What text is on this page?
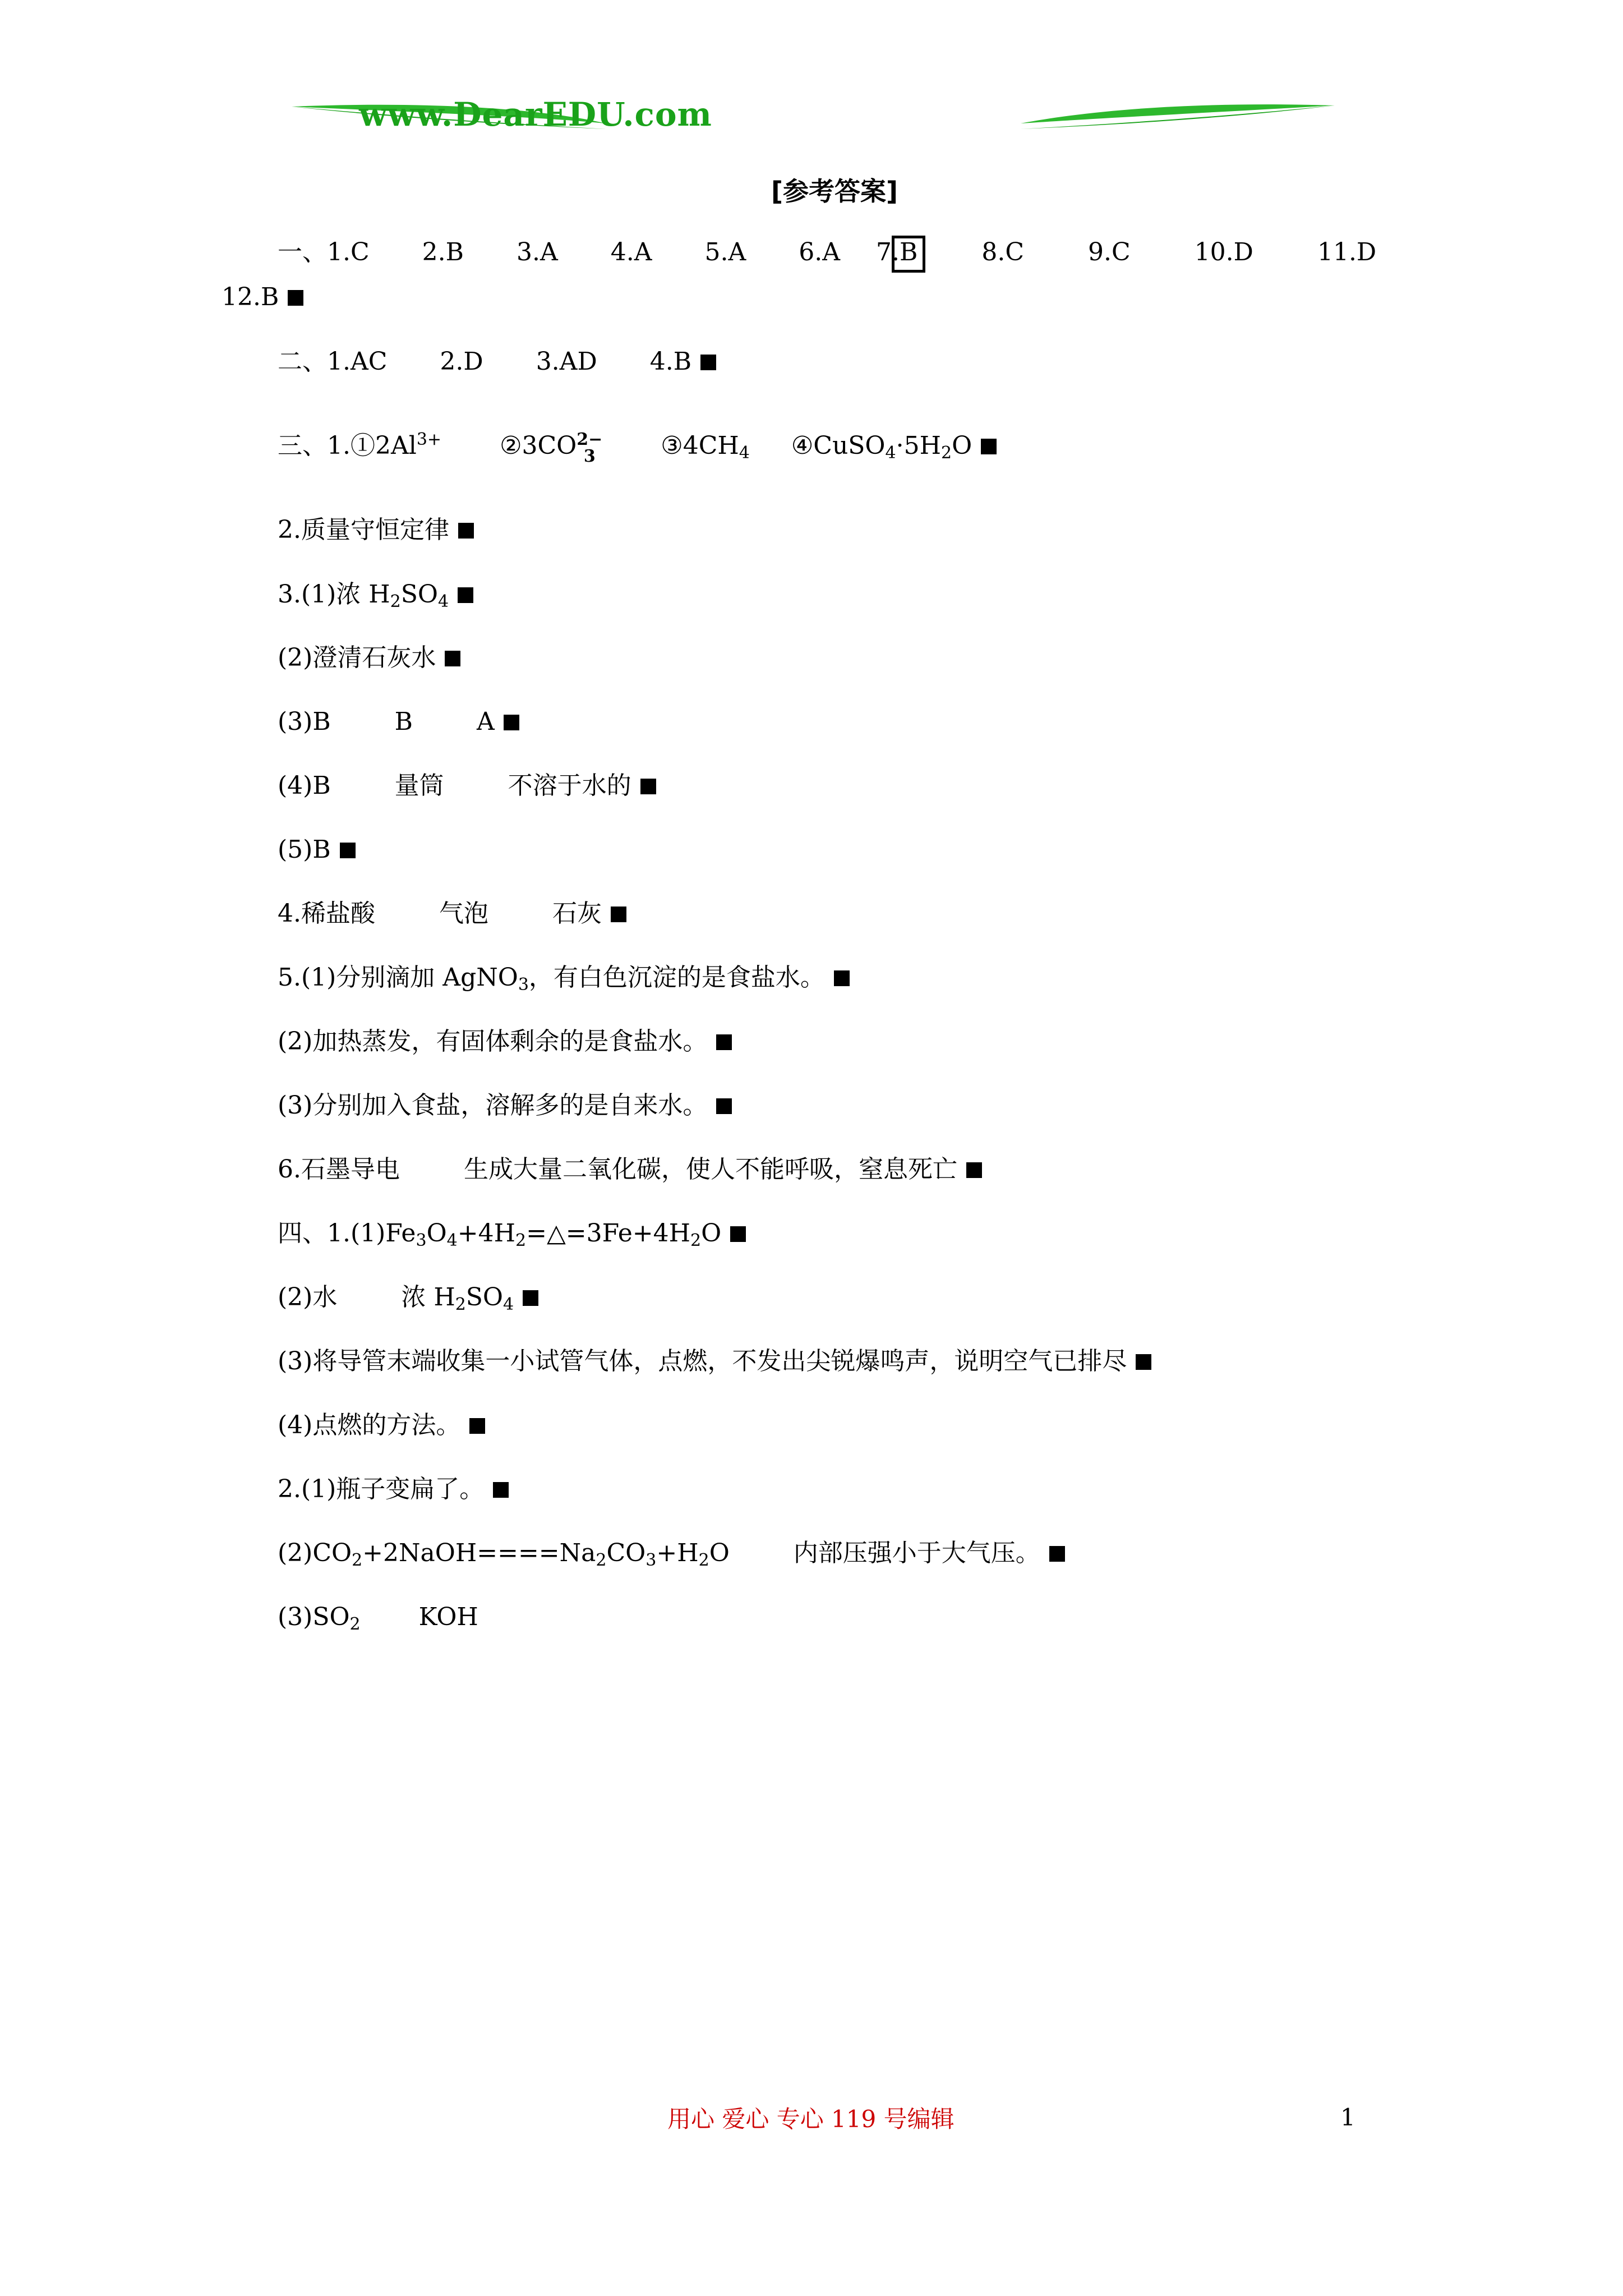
www.DearEDU.com
[参考答案]
一、1.C 2.B 3.A 4.A 5.A 6.A 7.B	8.C	9.C	10.D	11.D
12.B
二、1.AC 2.D 3.AD 4.B
三、$1.①2Al^{3+}$ ②3CO 2−
3	$③4CH_4$ $④CuSO_4\cdot 5H_2O$
2.质量守恒定律
3.(1)浓 $H_2SO_4$
(2)澄清石灰水
(3)B	B	A
(4)B	量筒	不溶于水的
(5)B
4.稀盐酸	气泡	石灰
5.(1)分别滴加 AgNO$_3$，有白色沉淀的是食盐水。
(2)加热蒸发，有固体剩余的是食盐水。
(3)分别加入食盐，溶解多的是自来水。
6.石墨导电	生成大量二氧化碳，使人不能呼吸，窒息死亡
四、$1.(1)Fe_3O_4+4H_2=\triangle=3Fe+4H_2O$
(2)水	浓 $H_2SO_4$
(3)将导管末端收集一小试管气体，点燃，不发出尖锐爆鸣声，说明空气已排尽
(4)点燃的方法。
2.(1)瓶子变扁了。
$(2)CO_2+2NaOH====Na_2CO_3+H_2O$	内部压强小于大气压。
$(3)SO_2$ KOH
用心 爱心 专心 119 号编辑	1
